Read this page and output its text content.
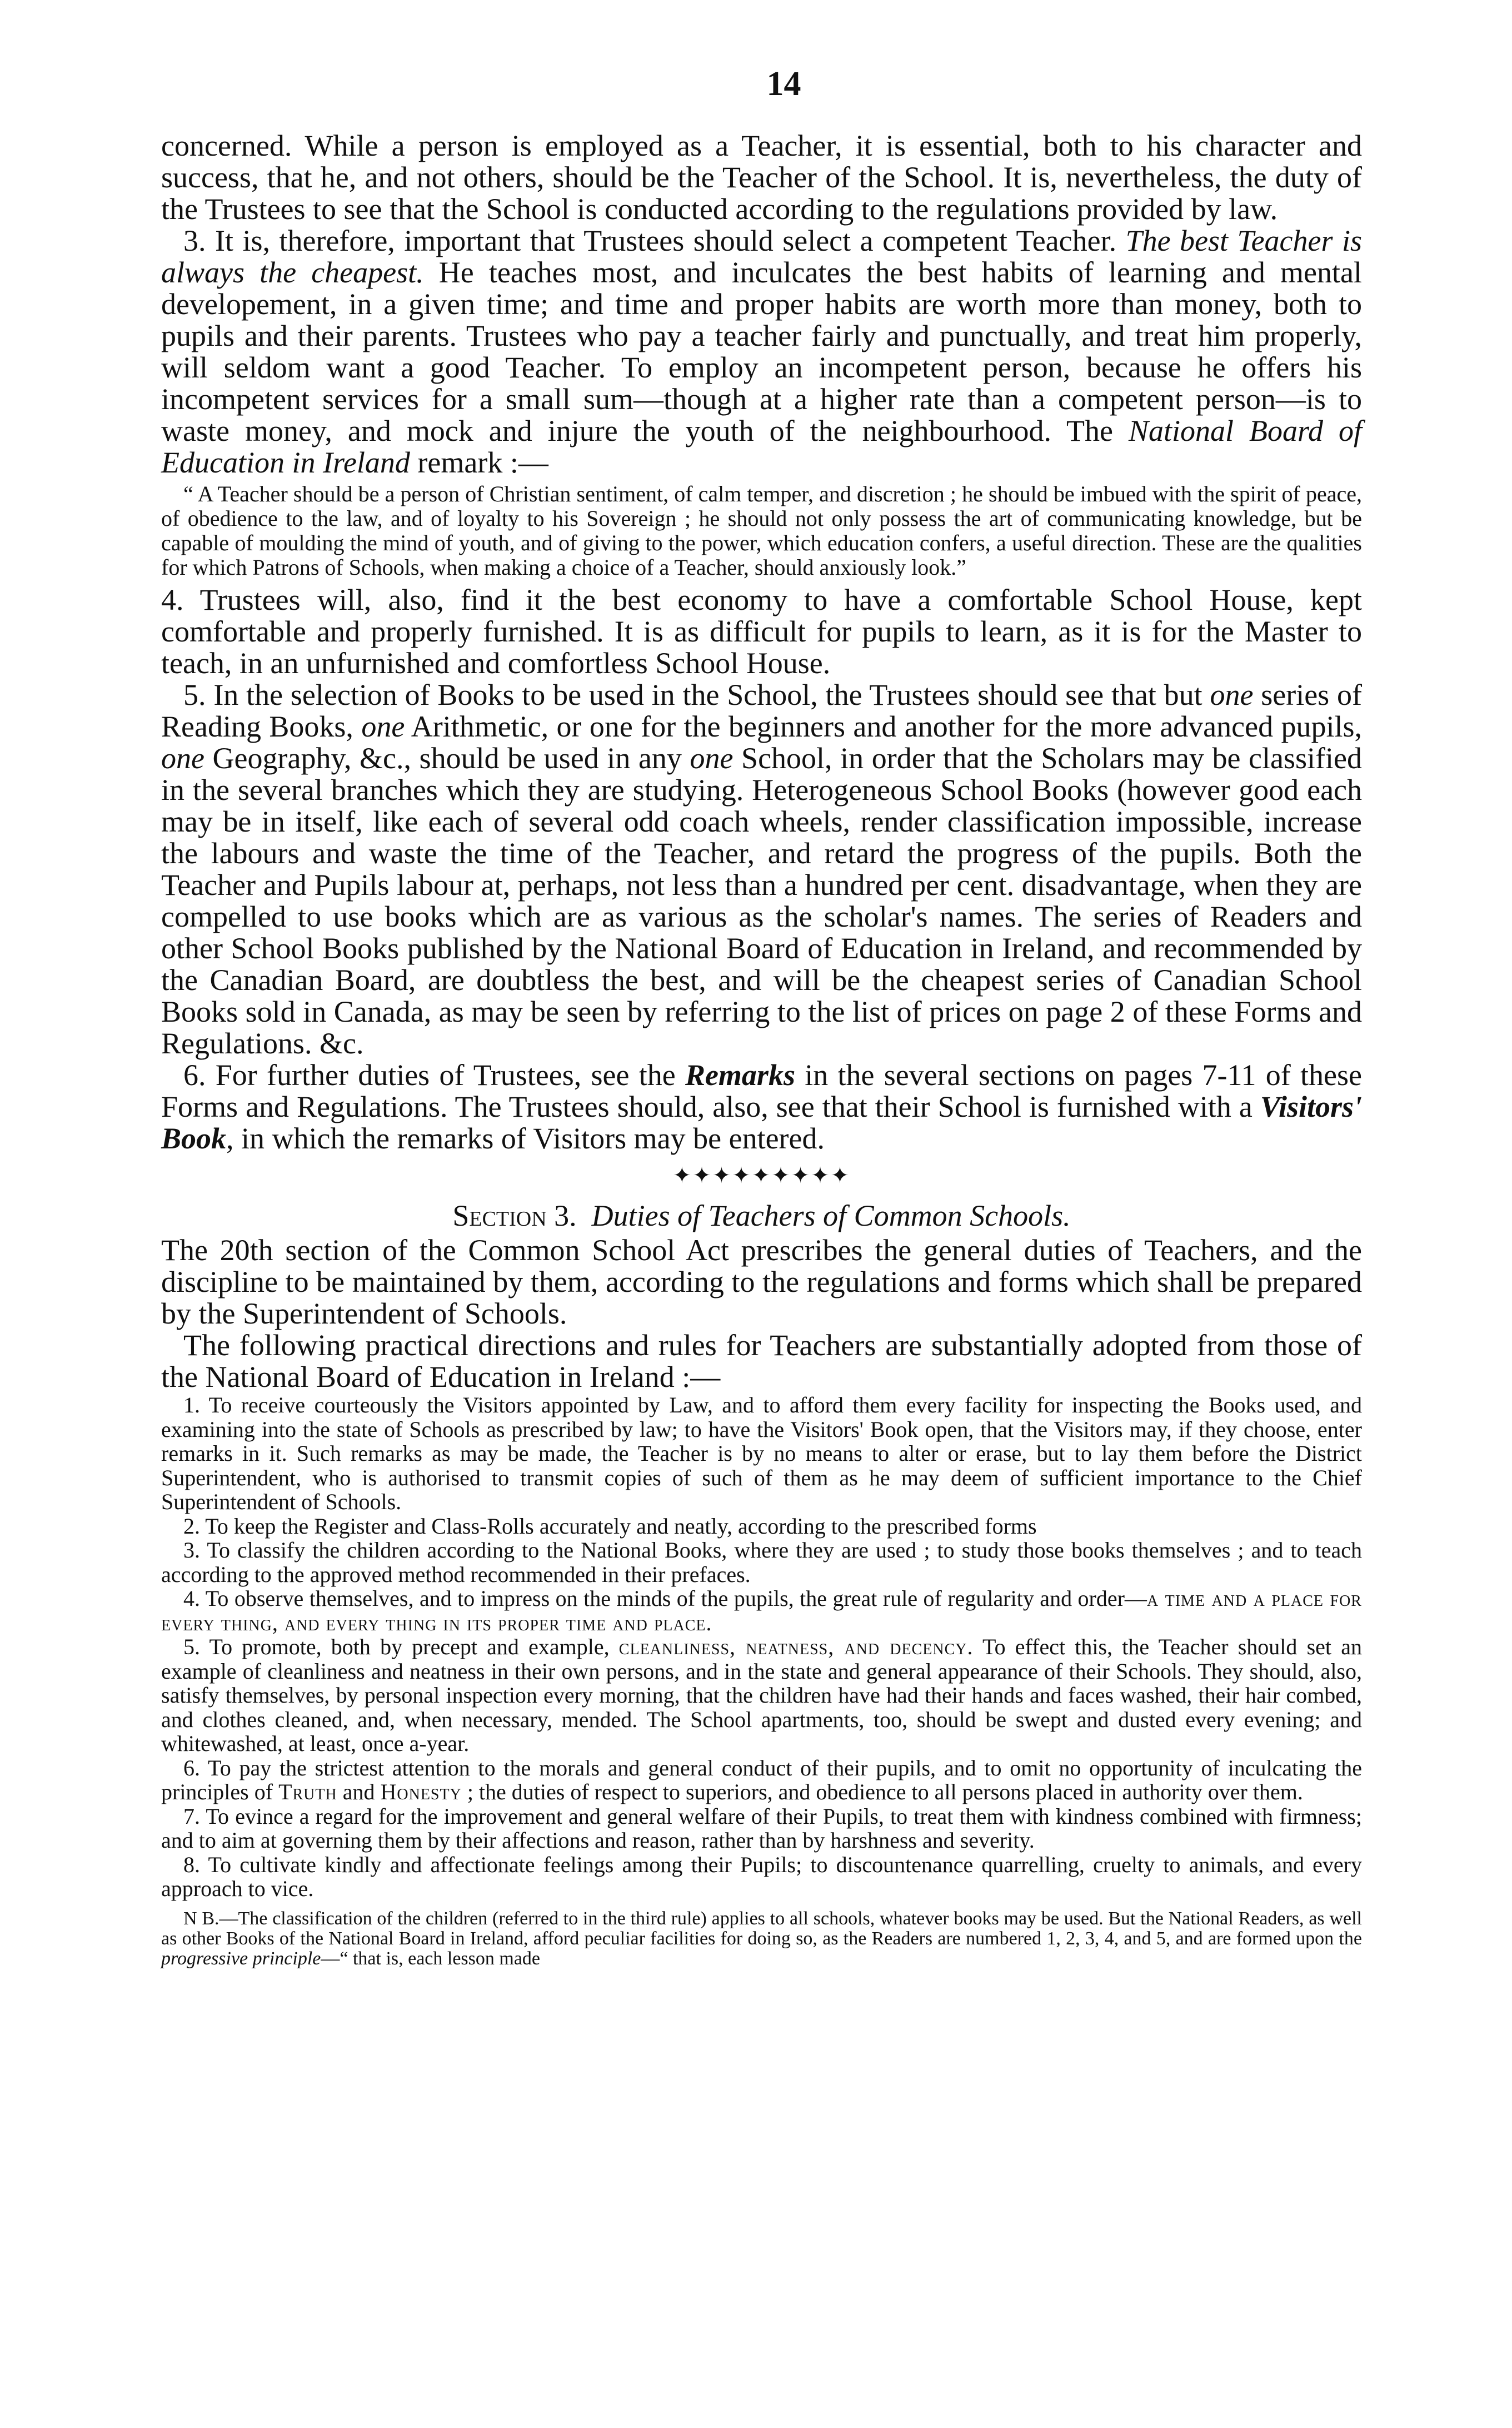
14

concerned. While a person is employed as a Teacher, it is essential, both to his character and success, that he, and not others, should be the Teacher of the School. It is, nevertheless, the duty of the Trustees to see that the School is conducted according to the regulations provided by law.

3. It is, therefore, important that Trustees should select a competent Teacher. The best Teacher is always the cheapest. He teaches most, and inculcates the best habits of learning and mental developement, in a given time; and time and proper habits are worth more than money, both to pupils and their parents. Trustees who pay a teacher fairly and punctually, and treat him properly, will seldom want a good Teacher. To employ an incompetent person, because he offers his incompetent services for a small sum—though at a higher rate than a competent person—is to waste money, and mock and injure the youth of the neighbourhood. The National Board of Education in Ireland remark :—

“ A Teacher should be a person of Christian sentiment, of calm temper, and discretion ; he should be imbued with the spirit of peace, of obedience to the law, and of loyalty to his Sovereign ; he should not only possess the art of communicating knowledge, but be capable of moulding the mind of youth, and of giving to the power, which education confers, a useful direction. These are the qualities for which Patrons of Schools, when making a choice of a Teacher, should anxiously look.”

4. Trustees will, also, find it the best economy to have a comfortable School House, kept comfortable and properly furnished. It is as difficult for pupils to learn, as it is for the Master to teach, in an unfurnished and comfortless School House.

5. In the selection of Books to be used in the School, the Trustees should see that but one series of Reading Books, one Arithmetic, or one for the beginners and another for the more advanced pupils, one Geography, &c., should be used in any one School, in order that the Scholars may be classified in the several branches which they are studying. Heterogeneous School Books (however good each may be in itself, like each of several odd coach wheels, render classification impossible, increase the labours and waste the time of the Teacher, and retard the progress of the pupils. Both the Teacher and Pupils labour at, perhaps, not less than a hundred per cent. disadvantage, when they are compelled to use books which are as various as the scholar's names. The series of Readers and other School Books published by the National Board of Education in Ireland, and recommended by the Canadian Board, are doubtless the best, and will be the cheapest series of Canadian School Books sold in Canada, as may be seen by referring to the list of prices on page 2 of these Forms and Regulations. &c.

6. For further duties of Trustees, see the Remarks in the several sections on pages 7-11 of these Forms and Regulations. The Trustees should, also, see that their School is furnished with a Visitors' Book, in which the remarks of Visitors may be entered.

✦✦✦✦✦✦✦✦✦
Section 3. Duties of Teachers of Common Schools.

The 20th section of the Common School Act prescribes the general duties of Teachers, and the discipline to be maintained by them, according to the regulations and forms which shall be prepared by the Superintendent of Schools.

The following practical directions and rules for Teachers are substantially adopted from those of the National Board of Education in Ireland :—

1. To receive courteously the Visitors appointed by Law, and to afford them every facility for inspecting the Books used, and examining into the state of Schools as prescribed by law; to have the Visitors' Book open, that the Visitors may, if they choose, enter remarks in it. Such remarks as may be made, the Teacher is by no means to alter or erase, but to lay them before the District Superintendent, who is authorised to transmit copies of such of them as he may deem of sufficient importance to the Chief Superintendent of Schools.

2. To keep the Register and Class-Rolls accurately and neatly, according to the prescribed forms

3. To classify the children according to the National Books, where they are used ; to study those books themselves ; and to teach according to the approved method recommended in their prefaces.

4. To observe themselves, and to impress on the minds of the pupils, the great rule of regularity and order—a time and a place for every thing, and every thing in its proper time and place.

5. To promote, both by precept and example, cleanliness, neatness, and decency. To effect this, the Teacher should set an example of cleanliness and neatness in their own persons, and in the state and general appearance of their Schools. They should, also, satisfy themselves, by personal inspection every morning, that the children have had their hands and faces washed, their hair combed, and clothes cleaned, and, when necessary, mended. The School apartments, too, should be swept and dusted every evening; and whitewashed, at least, once a-year.

6. To pay the strictest attention to the morals and general conduct of their pupils, and to omit no opportunity of inculcating the principles of Truth and Honesty ; the duties of respect to superiors, and obedience to all persons placed in authority over them.

7. To evince a regard for the improvement and general welfare of their Pupils, to treat them with kindness combined with firmness; and to aim at governing them by their affections and reason, rather than by harshness and severity.

8. To cultivate kindly and affectionate feelings among their Pupils; to discountenance quarrelling, cruelty to animals, and every approach to vice.

N B.—The classification of the children (referred to in the third rule) applies to all schools, whatever books may be used. But the National Readers, as well as other Books of the National Board in Ireland, afford peculiar facilities for doing so, as the Readers are numbered 1, 2, 3, 4, and 5, and are formed upon the progressive principle—“ that is, each lesson made
